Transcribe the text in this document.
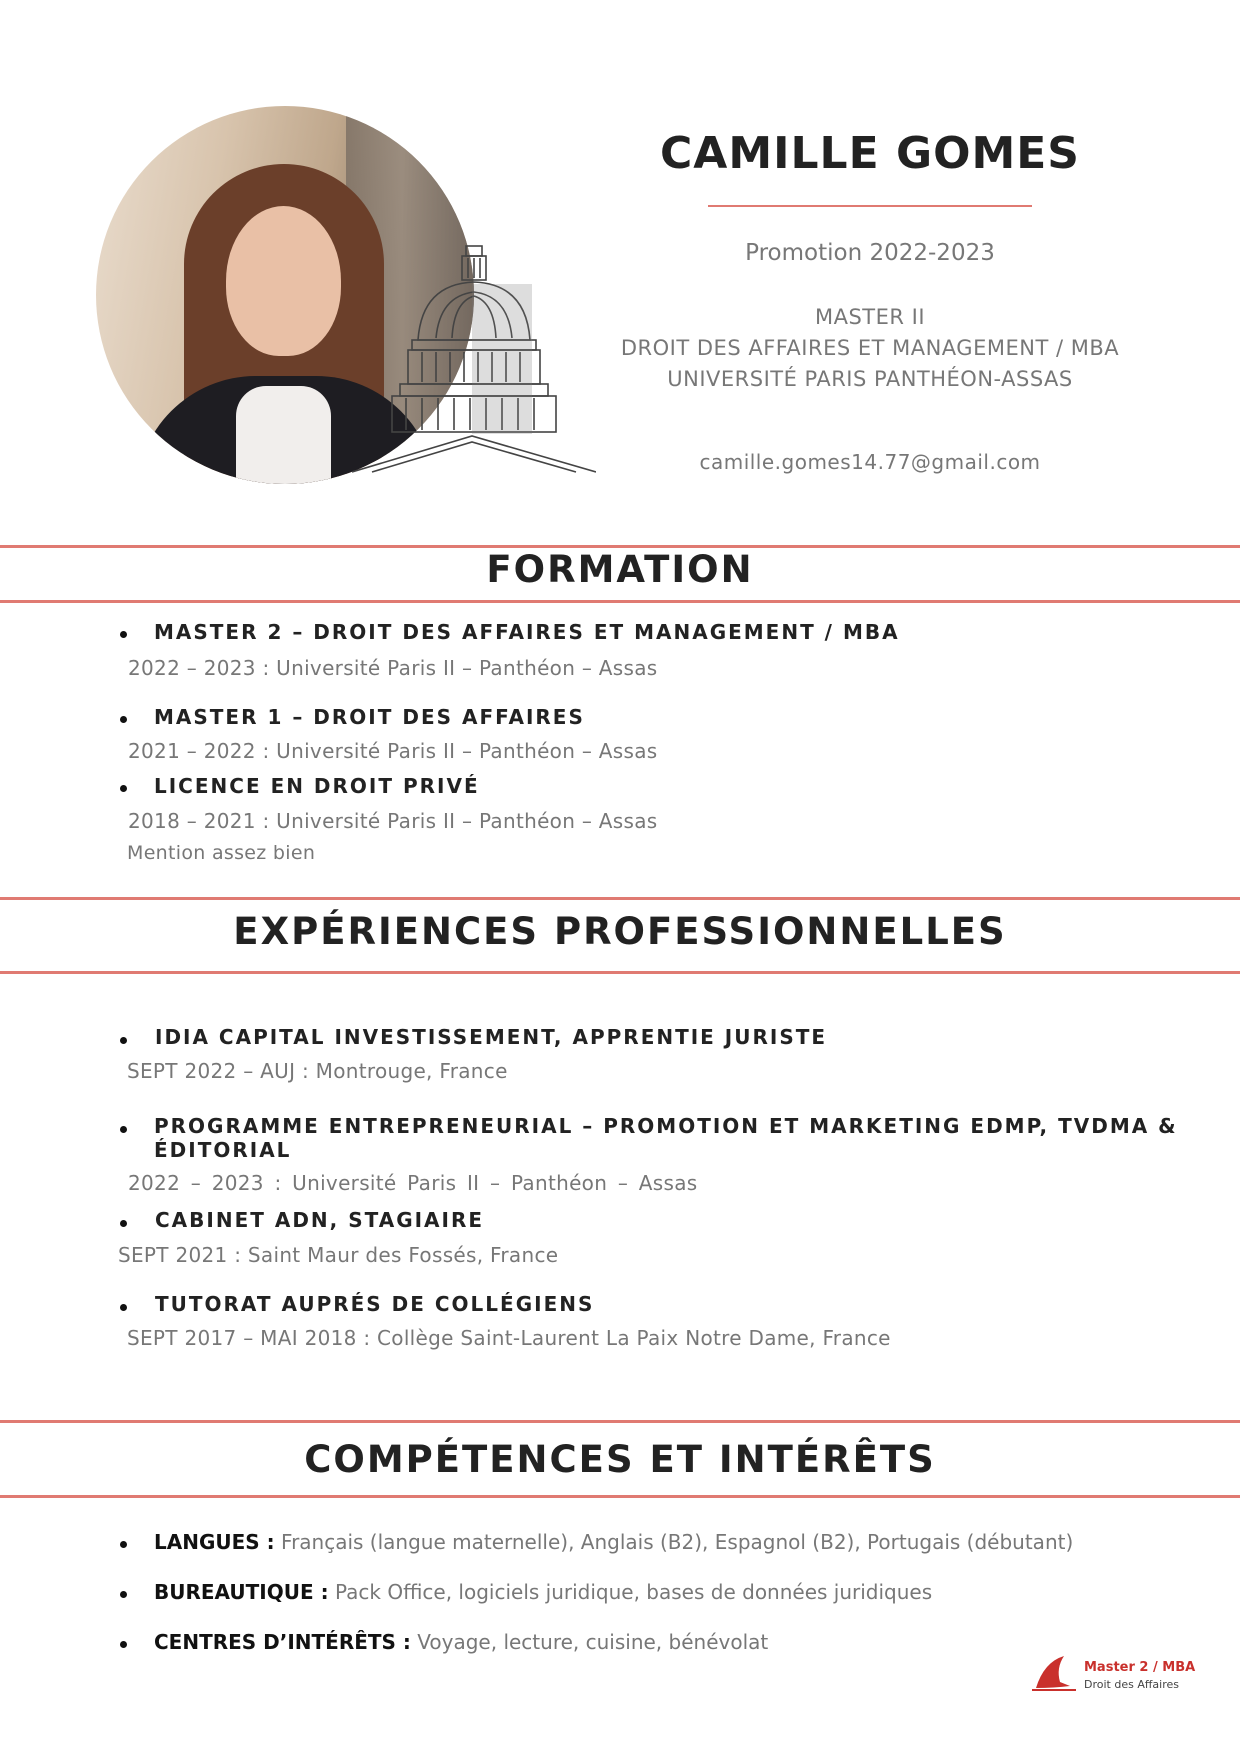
CAMILLE GOMES
Promotion 2022-2023
MASTER II
DROIT DES AFFAIRES ET MANAGEMENT / MBA
UNIVERSITÉ PARIS PANTHÉON-ASSAS
camille.gomes14.77@gmail.com
FORMATION
MASTER 2 – DROIT DES AFFAIRES ET MANAGEMENT / MBA
2022 – 2023 : Université Paris II – Panthéon – Assas
MASTER 1 – DROIT DES AFFAIRES
2021 – 2022 : Université Paris II – Panthéon – Assas
LICENCE EN DROIT PRIVÉ
2018 – 2021 : Université Paris II – Panthéon – Assas
Mention assez bien
EXPÉRIENCES PROFESSIONNELLES
IDIA CAPITAL INVESTISSEMENT, APPRENTIE JURISTE
SEPT 2022 – AUJ : Montrouge, France
PROGRAMME ENTREPRENEURIAL – PROMOTION ET MARKETING EDMP, TVDMA &
ÉDITORIAL
2022 – 2023 : Université Paris II – Panthéon – Assas
CABINET ADN, STAGIAIRE
SEPT 2021 : Saint Maur des Fossés, France
TUTORAT AUPRÉS DE COLLÉGIENS
SEPT 2017 – MAI 2018 : Collège Saint-Laurent La Paix Notre Dame, France
COMPÉTENCES ET INTÉRÊTS
LANGUES : Français (langue maternelle), Anglais (B2), Espagnol (B2), Portugais (débutant)
BUREAUTIQUE : Pack Office, logiciels juridique, bases de données juridiques
CENTRES D’INTÉRÊTS : Voyage, lecture, cuisine, bénévolat
Master 2 / MBA
Droit des Affaires
